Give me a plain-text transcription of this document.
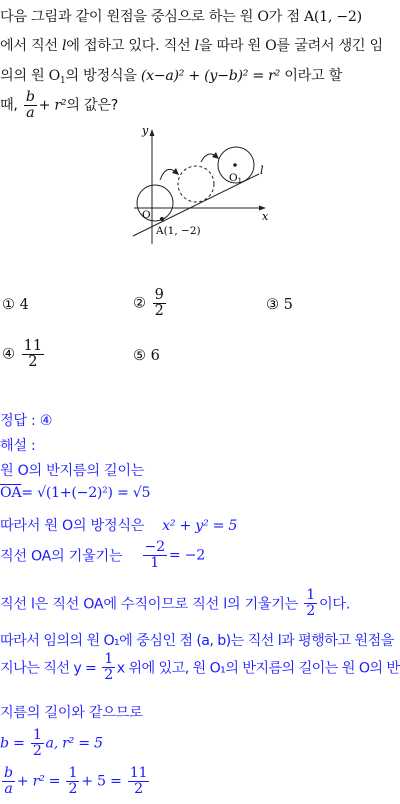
다음 그림과 같이 원점을 중심으로 하는 원 O가 점 A(1, −2)
에서 직선 l에 접하고 있다. 직선 l을 따라 원 O를 굴려서 생긴 임
의의 원 $O_1$의 방정식을 (x−a)² + (y−b)² = r² 이라고 할
때, $\frac{b}{a} + r^2$의 값은?
y
x
O
O1
l
A(1, −2)
① 4	② $\frac{9}{2}$	③ 5
④ $\frac{11}{2}$	⑤ 6
정답 : ④
해설 :
원 O의 반지름의 길이는
$\overline{OA}= √(1+(-2)^2) = √5$
따라서 원 O의 방정식은 x² + y² = 5
직선 OA의 기울기는 $\frac{-2}{1} = -2$
직선 l은 직선 OA에 수직이므로 직선 l의 기울기는 $\frac{1}{2}$ 이다.
따라서 임의의 원 O₁에 중심인 점 (a, b)는 직선 l과 평행하고 원점을
지나는 직선 $y = \frac{1}{2}$ x 위에 있고, 원 O₁의 반지름의 길이는 원 O의 반
지름의 길이와 같으므로
$b = \frac{1}{2} a$, r² = 5
$\frac{b}{a} + r^2 = \frac{1}{2} + 5 = \frac{11}{2}$
